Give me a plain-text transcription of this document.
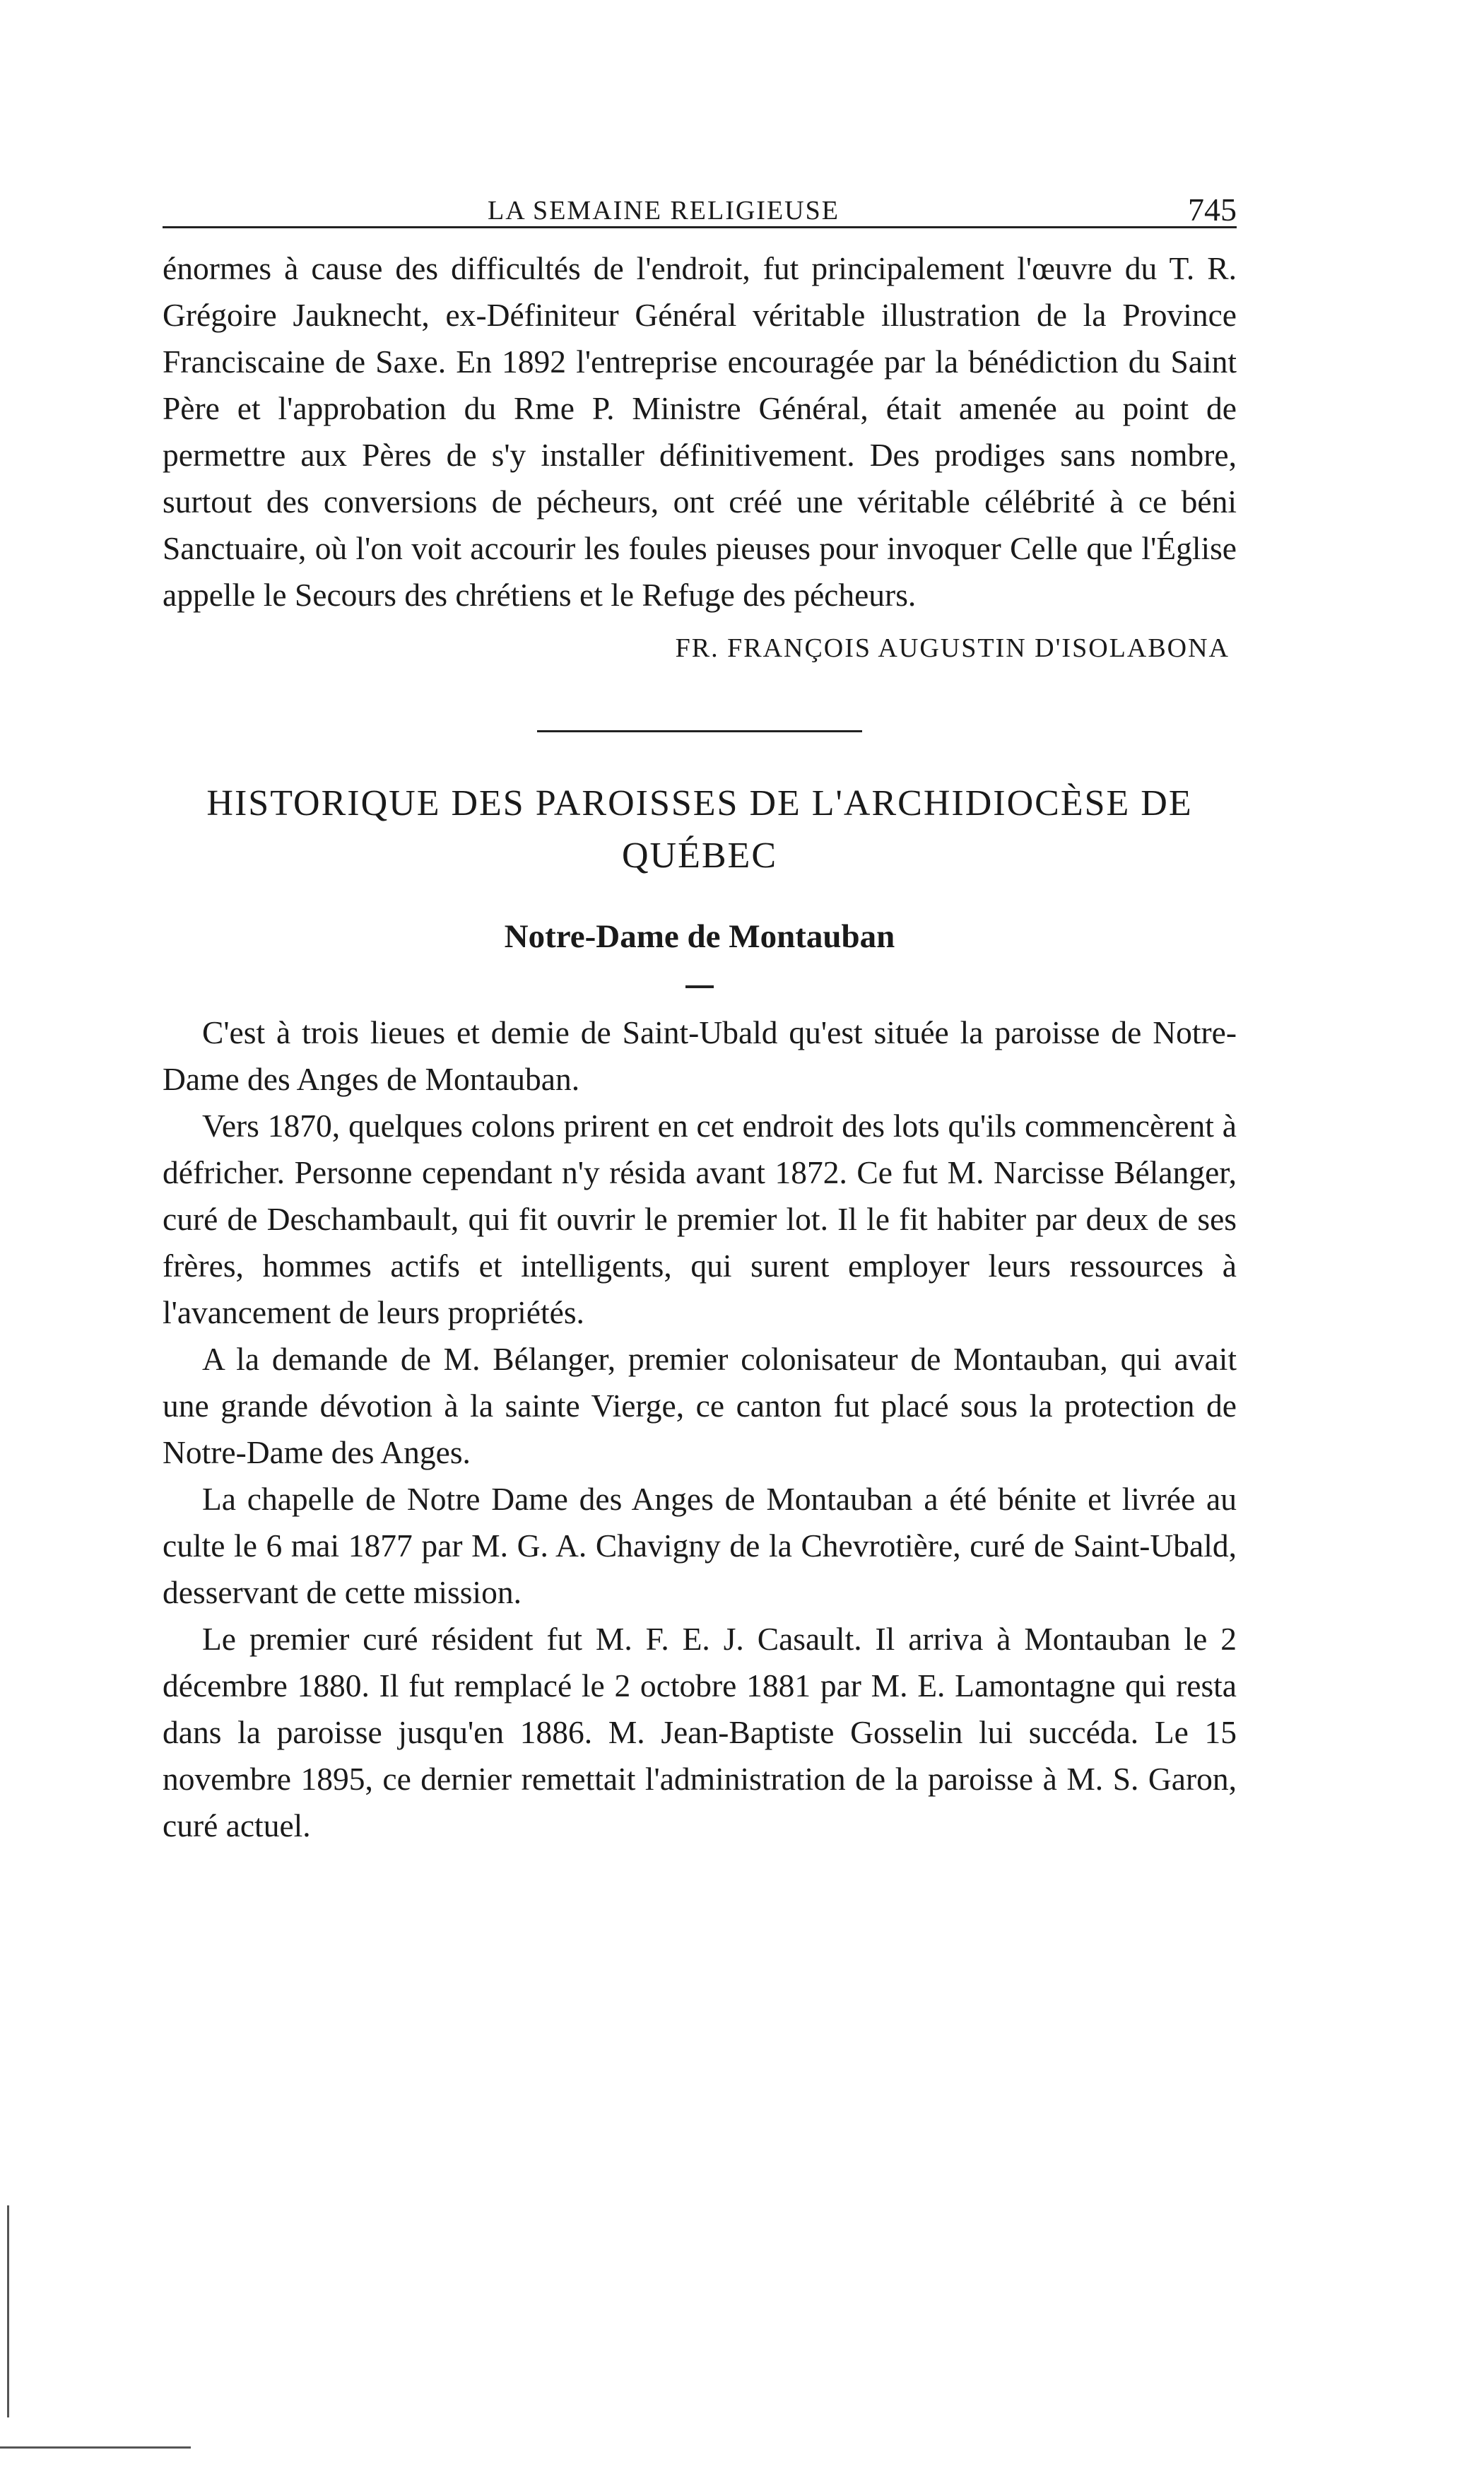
LA SEMAINE RELIGIEUSE	745

énormes à cause des difficultés de l'endroit, fut principalement l'œuvre du T. R. Grégoire Jauknecht, ex-Définiteur Général véritable illustration de la Province Franciscaine de Saxe. En 1892 l'entreprise encouragée par la bénédiction du Saint Père et l'approbation du Rme P. Ministre Général, était amenée au point de permettre aux Pères de s'y installer définitivement. Des prodiges sans nombre, surtout des conversions de pécheurs, ont créé une véritable célébrité à ce béni Sanctuaire, où l'on voit accourir les foules pieuses pour invoquer Celle que l'Église appelle le Secours des chrétiens et le Refuge des pécheurs.

FR. FRANÇOIS AUGUSTIN D'ISOLABONA
HISTORIQUE DES PAROISSES DE L'ARCHIDIOCÈSE DE QUÉBEC
Notre-Dame de Montauban

C'est à trois lieues et demie de Saint-Ubald qu'est située la paroisse de Notre-Dame des Anges de Montauban.

Vers 1870, quelques colons prirent en cet endroit des lots qu'ils commencèrent à défricher. Personne cependant n'y résida avant 1872. Ce fut M. Narcisse Bélanger, curé de Deschambault, qui fit ouvrir le premier lot. Il le fit habiter par deux de ses frères, hommes actifs et intelligents, qui surent employer leurs ressources à l'avancement de leurs propriétés.

A la demande de M. Bélanger, premier colonisateur de Montauban, qui avait une grande dévotion à la sainte Vierge, ce canton fut placé sous la protection de Notre-Dame des Anges.

La chapelle de Notre Dame des Anges de Montauban a été bénite et livrée au culte le 6 mai 1877 par M. G. A. Chavigny de la Chevrotière, curé de Saint-Ubald, desservant de cette mission.

Le premier curé résident fut M. F. E. J. Casault. Il arriva à Montauban le 2 décembre 1880. Il fut remplacé le 2 octobre 1881 par M. E. Lamontagne qui resta dans la paroisse jusqu'en 1886. M. Jean-Baptiste Gosselin lui succéda. Le 15 novembre 1895, ce dernier remettait l'administration de la paroisse à M. S. Garon, curé actuel.
